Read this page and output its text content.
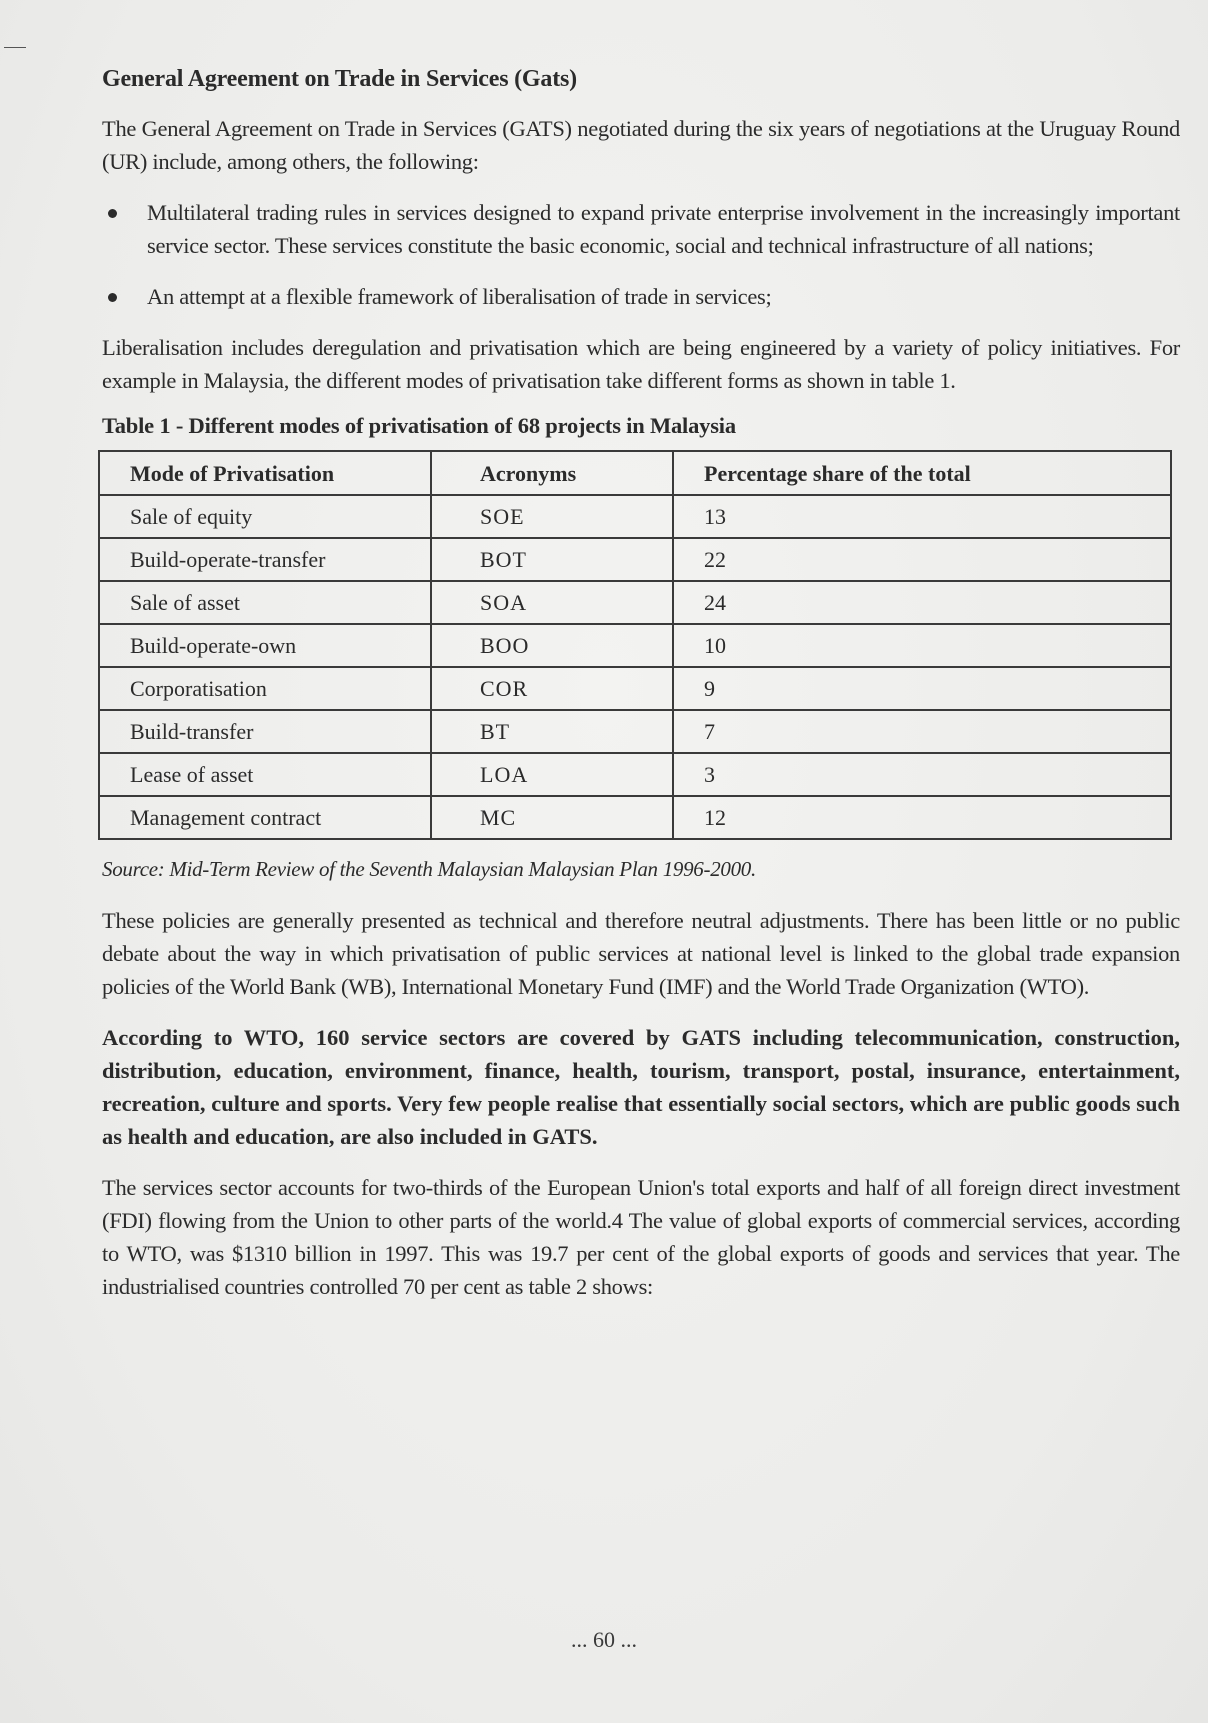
General Agreement on Trade in Services (Gats)

The General Agreement on Trade in Services (GATS) negotiated during the six years of negotiations at the Uruguay Round (UR) include, among others, the following:

Multilateral trading rules in services designed to expand private enterprise involvement in the increasingly important service sector. These services constitute the basic economic, social and technical infrastructure of all nations;
An attempt at a flexible framework of liberalisation of trade in services;

Liberalisation includes deregulation and privatisation which are being engineered by a variety of policy initiatives. For example in Malaysia, the different modes of privatisation take different forms as shown in table 1.

Table 1 - Different modes of privatisation of 68 projects in Malaysia
Mode of Privatisation	Acronyms	Percentage share of the total
Sale of equity	SOE	13
Build-operate-transfer	BOT	22
Sale of asset	SOA	24
Build-operate-own	BOO	10
Corporatisation	COR	9
Build-transfer	BT	7
Lease of asset	LOA	3
Management contract	MC	12
Source: Mid-Term Review of the Seventh Malaysian Malaysian Plan 1996-2000.

These policies are generally presented as technical and therefore neutral adjustments. There has been little or no public debate about the way in which privatisation of public services at national level is linked to the global trade expansion policies of the World Bank (WB), International Monetary Fund (IMF) and the World Trade Organization (WTO).

According to WTO, 160 service sectors are covered by GATS including telecommunication, construction, distribution, education, environment, finance, health, tourism, transport, postal, insurance, entertainment, recreation, culture and sports. Very few people realise that essentially social sectors, which are public goods such as health and education, are also included in GATS.

The services sector accounts for two-thirds of the European Union's total exports and half of all foreign direct investment (FDI) flowing from the Union to other parts of the world.4 The value of global exports of commercial services, according to WTO, was $1310 billion in 1997. This was 19.7 per cent of the global exports of goods and services that year. The industrialised countries controlled 70 per cent as table 2 shows:

... 60 ...
